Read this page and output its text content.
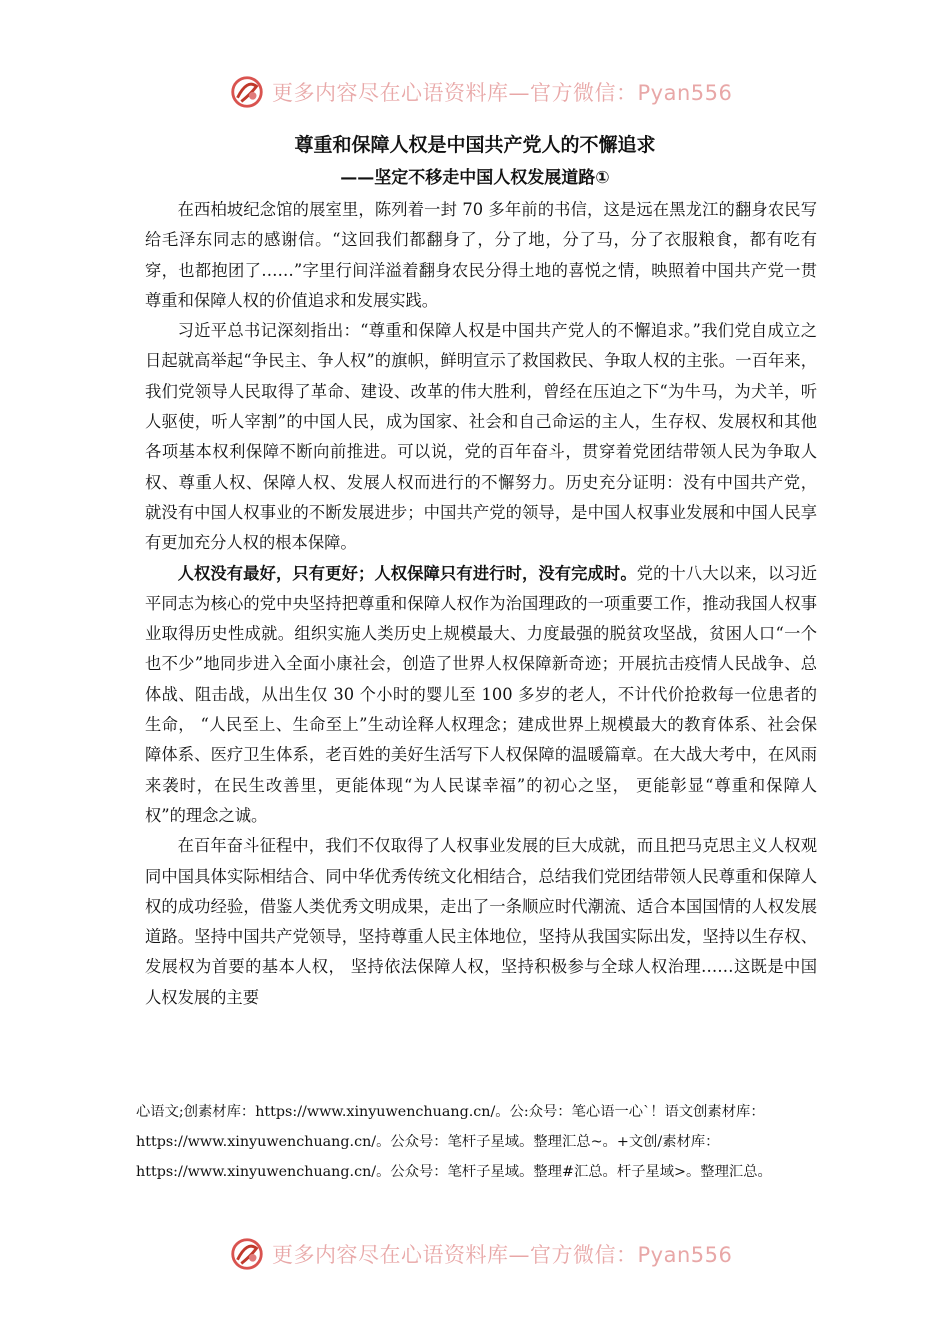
更多内容尽在心语资料库—官方微信：Pyan556
尊重和保障人权是中国共产党人的不懈追求
——坚定不移走中国人权发展道路①

在西柏坡纪念馆的展室里，陈列着一封 70 多年前的书信，这是远在黑龙江的翻身农民写给毛泽东同志的感谢信。“这回我们都翻身了，分了地，分了马，分了衣服粮食，都有吃有穿，也都抱团了……”字里行间洋溢着翻身农民分得土地的喜悦之情，映照着中国共产党一贯尊重和保障人权的价值追求和发展实践。

习近平总书记深刻指出：“尊重和保障人权是中国共产党人的不懈追求。”我们党自成立之日起就高举起“争民主、争人权”的旗帜，鲜明宣示了救国救民、争取人权的主张。一百年来，我们党领导人民取得了革命、建设、改革的伟大胜利，曾经在压迫之下“为牛马，为犬羊，听人驱使，听人宰割”的中国人民，成为国家、社会和自己命运的主人，生存权、发展权和其他各项基本权利保障不断向前推进。可以说，党的百年奋斗，贯穿着党团结带领人民为争取人权、尊重人权、保障人权、发展人权而进行的不懈努力。历史充分证明：没有中国共产党， 就没有中国人权事业的不断发展进步；中国共产党的领导，是中国人权事业发展和中国人民享有更加充分人权的根本保障。

人权没有最好，只有更好；人权保障只有进行时，没有完成时。党的十八大以来，以习近平同志为核心的党中央坚持把尊重和保障人权作为治国理政的一项重要工作，推动我国人权事业取得历史性成就。组织实施人类历史上规模最大、力度最强的脱贫攻坚战，贫困人口“一个也不少”地同步进入全面小康社会，创造了世界人权保障新奇迹；开展抗击疫情人民战争、总体战、阻击战，从出生仅 30 个小时的婴儿至 100 多岁的老人，不计代价抢救每一位患者的生命， “人民至上、生命至上”生动诠释人权理念；建成世界上规模最大的教育体系、社会保障体系、医疗卫生体系，老百姓的美好生活写下人权保障的温暖篇章。在大战大考中，在风雨来袭时，在民生改善里，更能体现“为人民谋幸福”的初心之坚， 更能彰显“尊重和保障人权”的理念之诚。

在百年奋斗征程中，我们不仅取得了人权事业发展的巨大成就，而且把马克思主义人权观同中国具体实际相结合、同中华优秀传统文化相结合，总结我们党团结带领人民尊重和保障人权的成功经验，借鉴人类优秀文明成果，走出了一条顺应时代潮流、适合本国国情的人权发展道路。坚持中国共产党领导，坚持尊重人民主体地位，坚持从我国实际出发，坚持以生存权、发展权为首要的基本人权， 坚持依法保障人权，坚持积极参与全球人权治理……这既是中国人权发展的主要

心语文;创素材库：https://www.xinyuwenchuang.cn/。公:众号：笔心语一心`！语文创素材库：https://www.xinyuwenchuang.cn/。公众号：笔杆子星域。整理汇总~。+文创/素材库：https://www.xinyuwenchuang.cn/。公众号：笔杆子星域。整理#汇总。杆子星域>。整理汇总。
更多内容尽在心语资料库—官方微信：Pyan556
